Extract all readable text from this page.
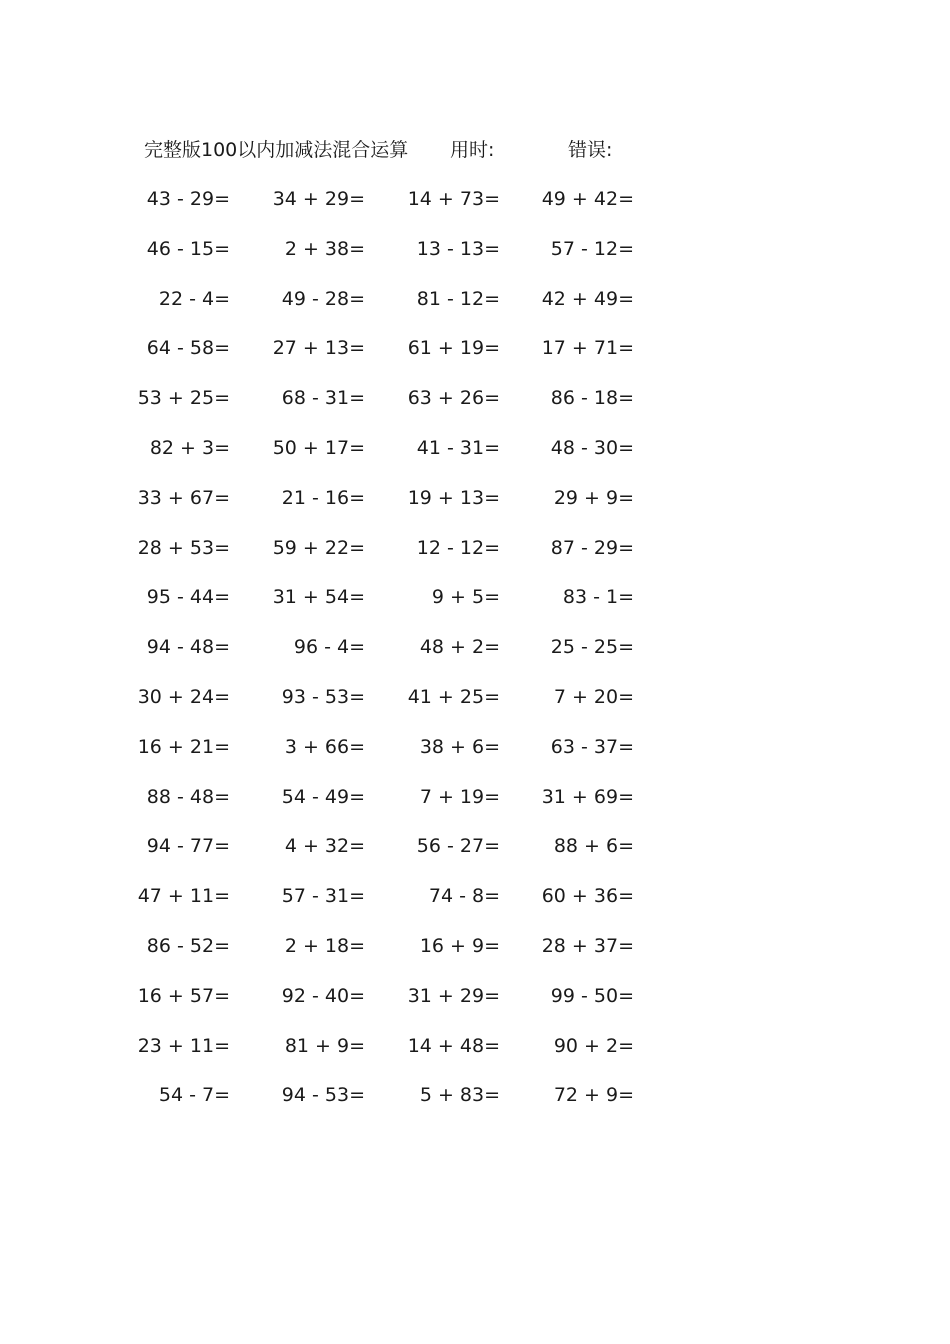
完整版100以内加减法混合运算 用时:	错误:
43 - 29=	34 + 29=	14 + 73=	49 + 42=
46 - 15=	2 + 38=	13 - 13=	57 - 12=
22 - 4=	49 - 28=	81 - 12=	42 + 49=
64 - 58=	27 + 13=	61 + 19=	17 + 71=
53 + 25=	68 - 31=	63 + 26=	86 - 18=
82 + 3=	50 + 17=	41 - 31=	48 - 30=
33 + 67=	21 - 16=	19 + 13=	29 + 9=
28 + 53=	59 + 22=	12 - 12=	87 - 29=
95 - 44=	31 + 54=	9 + 5=	83 - 1=
94 - 48=	96 - 4=	48 + 2=	25 - 25=
30 + 24=	93 - 53=	41 + 25=	7 + 20=
16 + 21=	3 + 66=	38 + 6=	63 - 37=
88 - 48=	54 - 49=	7 + 19=	31 + 69=
94 - 77=	4 + 32=	56 - 27=	88 + 6=
47 + 11=	57 - 31=	74 - 8=	60 + 36=
86 - 52=	2 + 18=	16 + 9=	28 + 37=
16 + 57=	92 - 40=	31 + 29=	99 - 50=
23 + 11=	81 + 9=	14 + 48=	90 + 2=
54 - 7=	94 - 53=	5 + 83=	72 + 9=
